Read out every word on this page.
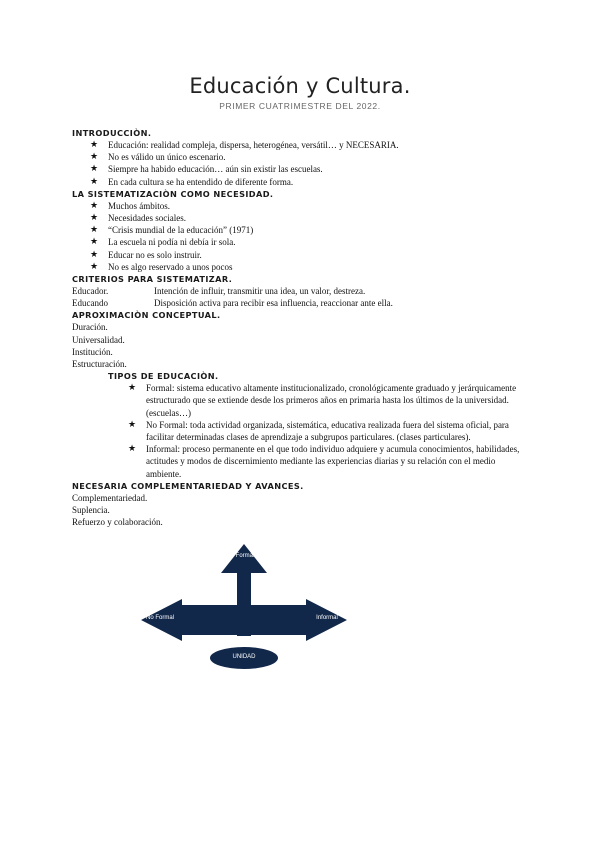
Educación y Cultura.
PRIMER CUATRIMESTRE DEL 2022.
INTRODUCCIÒN.
★ Educación: realidad compleja, dispersa, heterogénea, versátil… y NECESARIA.
★ No es válido un único escenario.
★ Siempre ha habido educación… aún sin existir las escuelas.
★ En cada cultura se ha entendido de diferente forma.
LA SISTEMATIZACIÒN COMO NECESIDAD.
★ Muchos ámbitos.
★ Necesidades sociales.
★ “Crisis mundial de la educación” (1971)
★ La escuela ni podía ni debía ir sola.
★ Educar no es solo instruir.
★ No es algo reservado a unos pocos
CRITERIOS PARA SISTEMATIZAR.
Educador.	Intención de influir, transmitir una idea, un valor, destreza.
Educando	Disposición activa para recibir esa influencia, reaccionar ante ella.
APROXIMACIÒN CONCEPTUAL.
Duración.
Universalidad.
Institución.
Estructuración.
TIPOS DE EDUCACIÒN.
★ Formal: sistema educativo altamente institucionalizado, cronológicamente graduado y jerárquicamente estructurado que se extiende desde los primeros años en primaria hasta los últimos de la universidad. (escuelas…)
★ No Formal: toda actividad organizada, sistemática, educativa realizada fuera del sistema oficial, para facilitar determinadas clases de aprendizaje a subgrupos particulares. (clases particulares).
★ Informal: proceso permanente en el que todo individuo adquiere y acumula conocimientos, habilidades, actitudes y modos de discernimiento mediante las experiencias diarias y su relación con el medio ambiente.
NECESARIA COMPLEMENTARIEDAD Y AVANCES.
Complementariedad.
Suplencia.
Refuerzo y colaboración.
Formal
No Formal	Informal
UNIDAD
